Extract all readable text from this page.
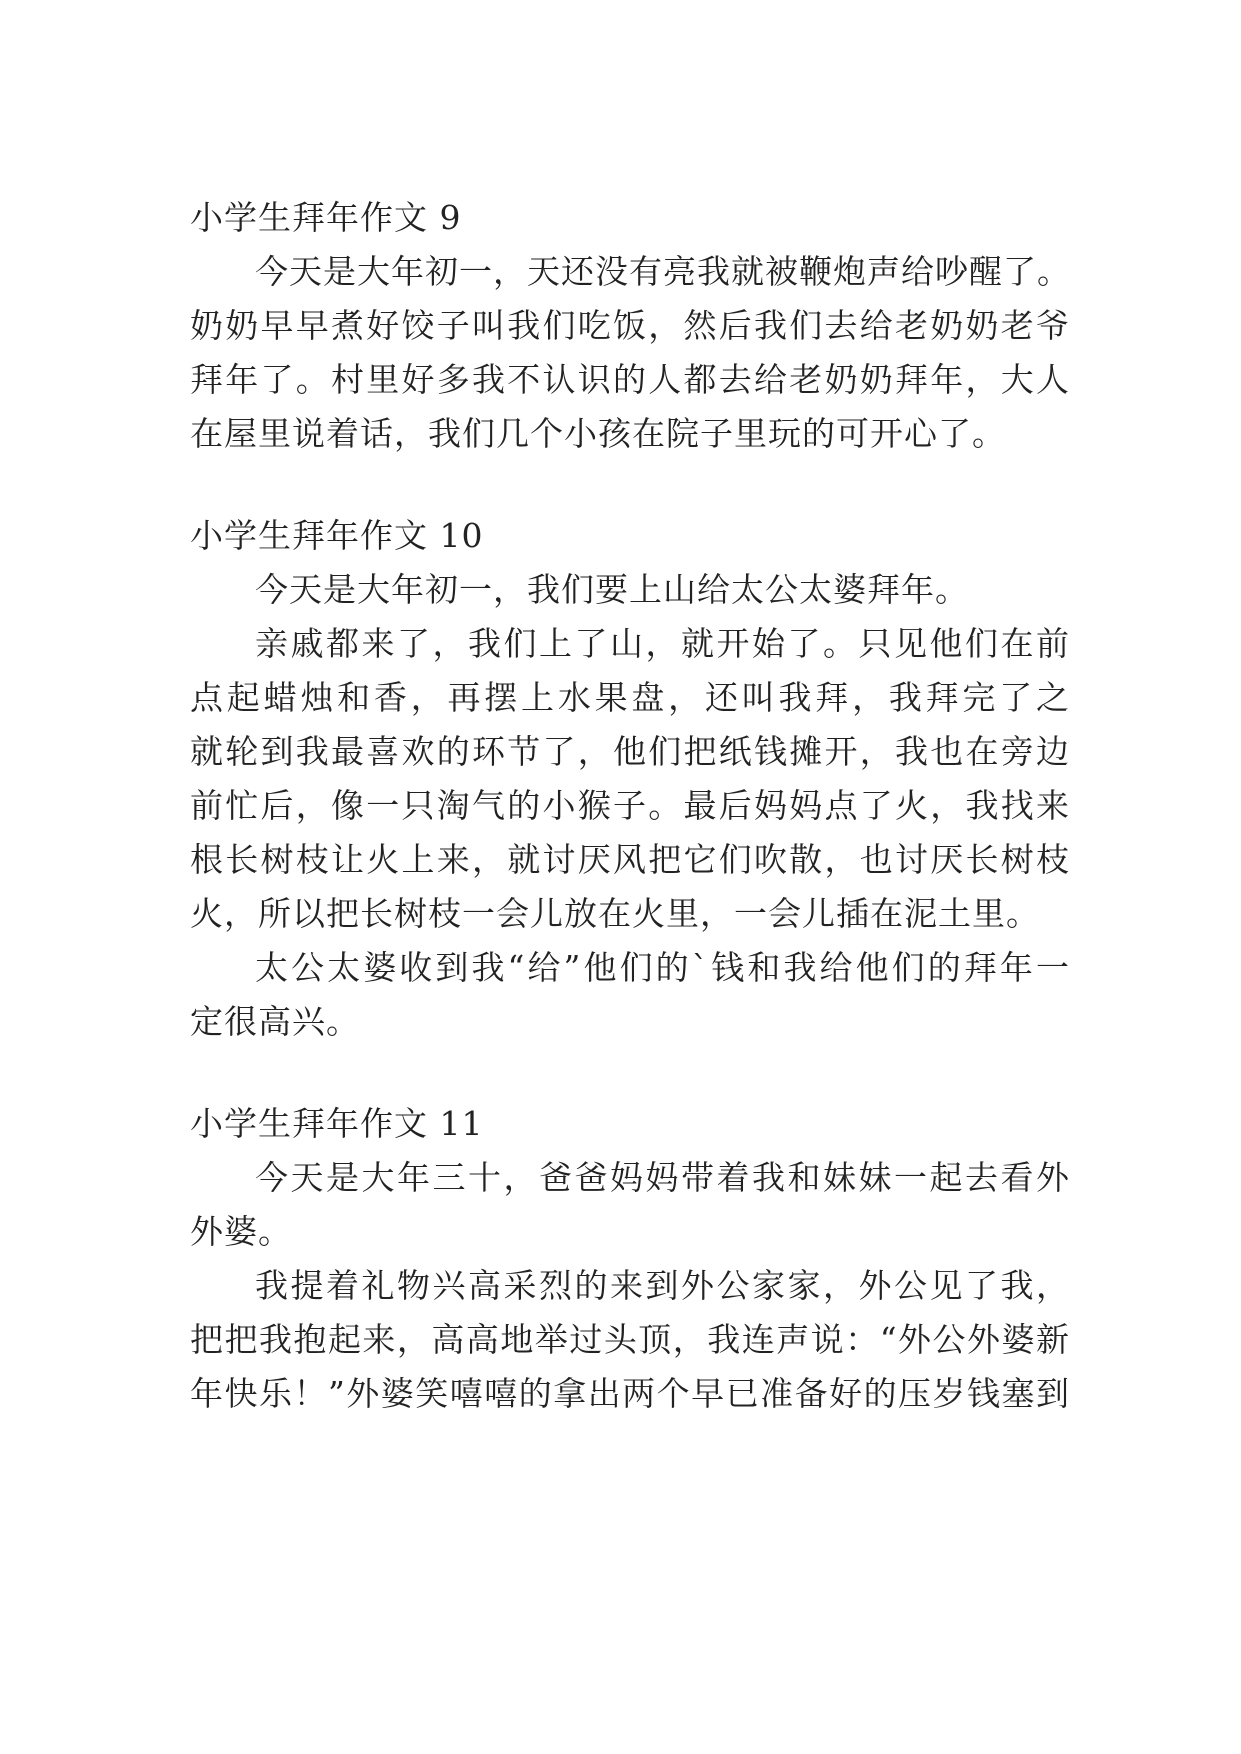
小学生拜年作文 9
今天是大年初一，天还没有亮我就被鞭炮声给吵醒了。
奶奶早早煮好饺子叫我们吃饭，然后我们去给老奶奶老爷
拜年了。村里好多我不认识的人都去给老奶奶拜年，大人
在屋里说着话，我们几个小孩在院子里玩的可开心了。
小学生拜年作文 10
今天是大年初一，我们要上山给太公太婆拜年。
亲戚都来了，我们上了山，就开始了。只见他们在前
点起蜡烛和香，再摆上水果盘，还叫我拜，我拜完了之
就轮到我最喜欢的环节了，他们把纸钱摊开，我也在旁边
前忙后，像一只淘气的小猴子。最后妈妈点了火，我找来
根长树枝让火上来，就讨厌风把它们吹散，也讨厌长树枝
火，所以把长树枝一会儿放在火里，一会儿插在泥土里。
太公太婆收到我“给”他们的`钱和我给他们的拜年一
定很高兴。
小学生拜年作文 11
今天是大年三十，爸爸妈妈带着我和妹妹一起去看外
外婆。
我提着礼物兴高采烈的来到外公家家，外公见了我，
把把我抱起来，高高地举过头顶，我连声说：“外公外婆新
年快乐！”外婆笑嘻嘻的拿出两个早已准备好的压岁钱塞到
